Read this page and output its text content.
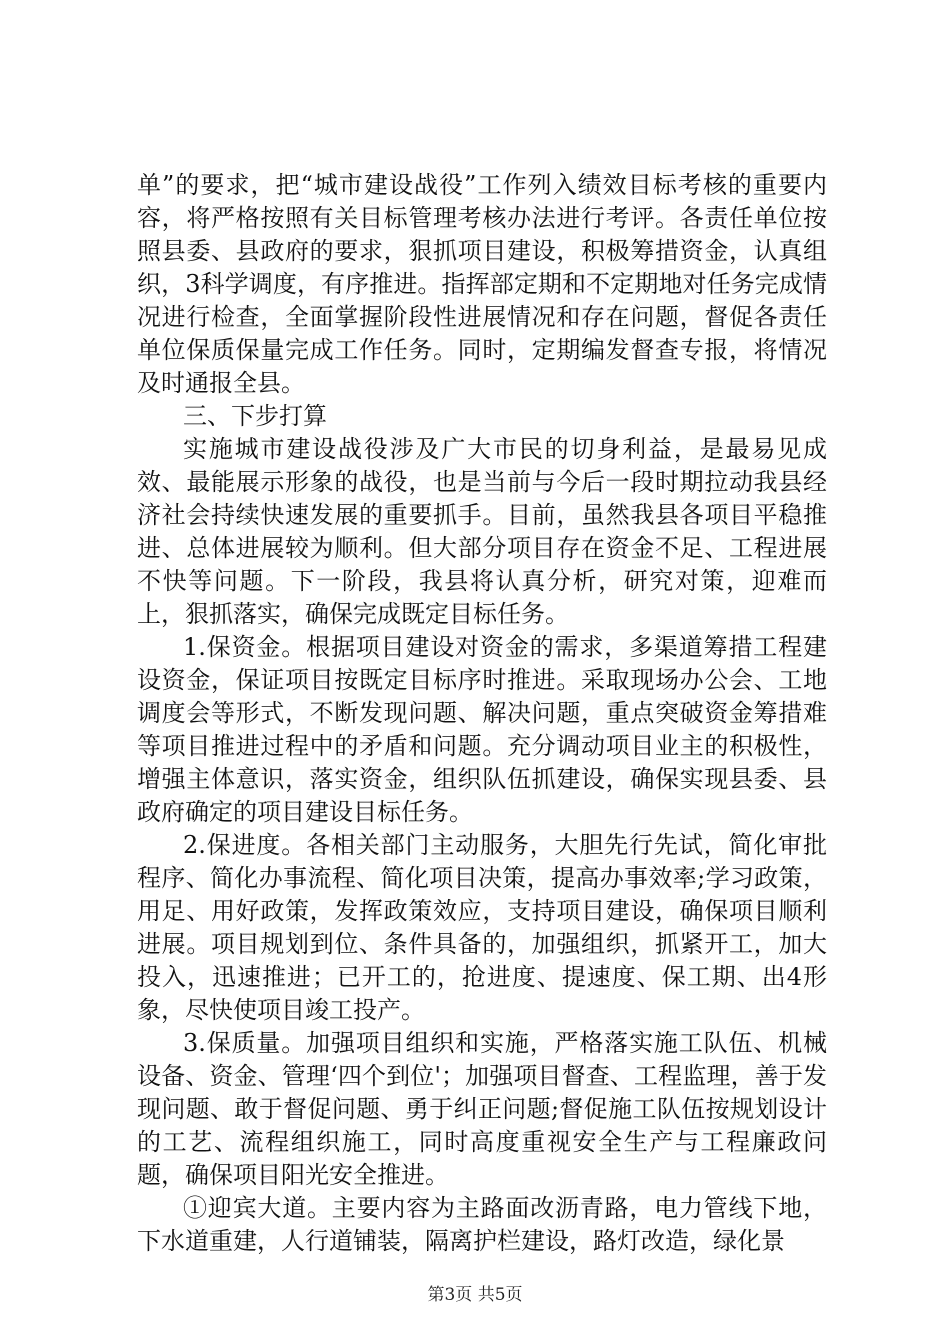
单”的要求，把“城市建设战役”工作列入绩效目标考核的重要内容，将严格按照有关目标管理考核办法进行考评。各责任单位按照县委、县政府的要求，狠抓项目建设，积极筹措资金，认真组织，3科学调度，有序推进。指挥部定期和不定期地对任务完成情况进行检查，全面掌握阶段性进展情况和存在问题，督促各责任单位保质保量完成工作任务。同时，定期编发督查专报，将情况及时通报全县。

三、下步打算

实施城市建设战役涉及广大市民的切身利益，是最易见成效、最能展示形象的战役，也是当前与今后一段时期拉动我县经济社会持续快速发展的重要抓手。目前，虽然我县各项目平稳推进、总体进展较为顺利。但大部分项目存在资金不足、工程进展不快等问题。下一阶段，我县将认真分析，研究对策，迎难而上，狠抓落实，确保完成既定目标任务。

1.保资金。根据项目建设对资金的需求，多渠道筹措工程建设资金，保证项目按既定目标序时推进。采取现场办公会、工地调度会等形式，不断发现问题、解决问题，重点突破资金筹措难等项目推进过程中的矛盾和问题。充分调动项目业主的积极性，增强主体意识，落实资金，组织队伍抓建设，确保实现县委、县政府确定的项目建设目标任务。

2.保进度。各相关部门主动服务，大胆先行先试，简化审批程序、简化办事流程、简化项目决策，提高办事效率;学习政策，用足、用好政策，发挥政策效应，支持项目建设，确保项目顺利进展。项目规划到位、条件具备的，加强组织，抓紧开工，加大投入，迅速推进；已开工的，抢进度、提速度、保工期、出4形象，尽快使项目竣工投产。

3.保质量。加强项目组织和实施，严格落实施工队伍、机械设备、资金、管理‘四个到位'；加强项目督查、工程监理，善于发现问题、敢于督促问题、勇于纠正问题;督促施工队伍按规划设计的工艺、流程组织施工，同时高度重视安全生产与工程廉政问题，确保项目阳光安全推进。

①迎宾大道。主要内容为主路面改沥青路，电力管线下地，下水道重建，人行道铺装，隔离护栏建设，路灯改造，绿化景

第3页 共5页
